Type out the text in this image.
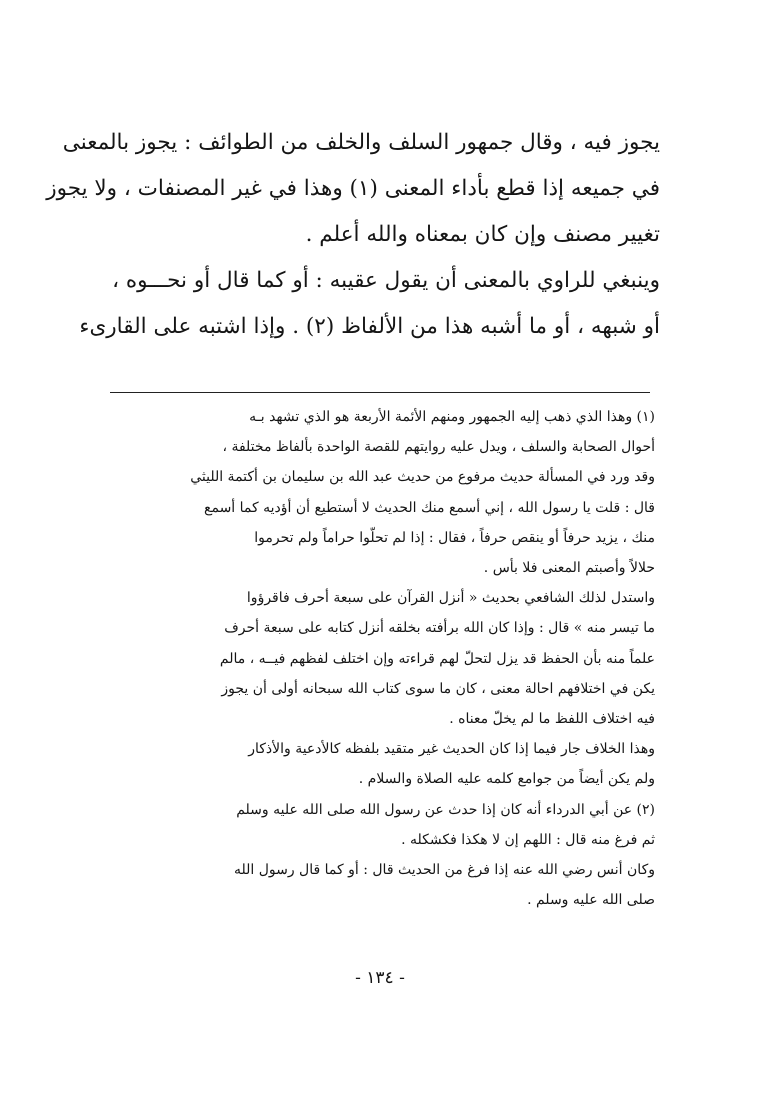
يجوز فيه ، وقال جمهور السلف والخلف من الطوائف : يجوز بالمعنى
في جميعه إذا قطع بأداء المعنى (١) وهذا في غير المصنفات ، ولا يجوز
تغيير مصنف وإن كان بمعناه والله أعلم .
وينبغي للراوي بالمعنى أن يقول عقيبه : أو كما قال أو نحـــوه ،
أو شبهه ، أو ما أشبه هذا من الألفاظ (٢) . وإذا اشتبه على القارىء
(١) وهذا الذي ذهب إليه الجمهور ومنهم الأئمة الأربعة هو الذي تشهد بـه
أحوال الصحابة والسلف ، ويدل عليه روايتهم للقصة الواحدة بألفاظ مختلفة ،
وقد ورد في المسألة حديث مرفوع من حديث عبد الله بن سليمان بن أكتمة الليثي
قال : قلت يا رسول الله ، إني أسمع منك الحديث لا أستطيع أن أؤديه كما أسمع
منك ، يزيد حرفاً أو ينقص حرفاً ، فقال : إذا لم تحلّوا حراماً ولم تحرموا
حلالاً وأصبتم المعنى فلا بأس .
واستدل لذلك الشافعي بحديث « أنزل القرآن على سبعة أحرف فاقرؤوا
ما تيسر منه » قال : وإذا كان الله برأفته بخلقه أنزل كتابه على سبعة أحرف
علماً منه بأن الحفظ قد يزل لتحلّ لهم قراءته وإن اختلف لفظهم فيــه ، مالم
يكن في اختلافهم احالة معنى ، كان ما سوى كتاب الله سبحانه أولى أن يجوز
فيه اختلاف اللفظ ما لم يخلّ معناه .
وهذا الخلاف جار فيما إذا كان الحديث غير متقيد بلفظه كالأدعية والأذكار
ولم يكن أيضاً من جوامع كلمه عليه الصلاة والسلام .
(٢) عن أبي الدرداء أنه كان إذا حدث عن رسول الله صلى الله عليه وسلم
ثم فرغ منه قال : اللهم إن لا هكذا فكشكله .
وكان أنس رضي الله عنه إذا فرغ من الحديث قال : أو كما قال رسول الله
صلى الله عليه وسلم .
- ١٣٤ -
